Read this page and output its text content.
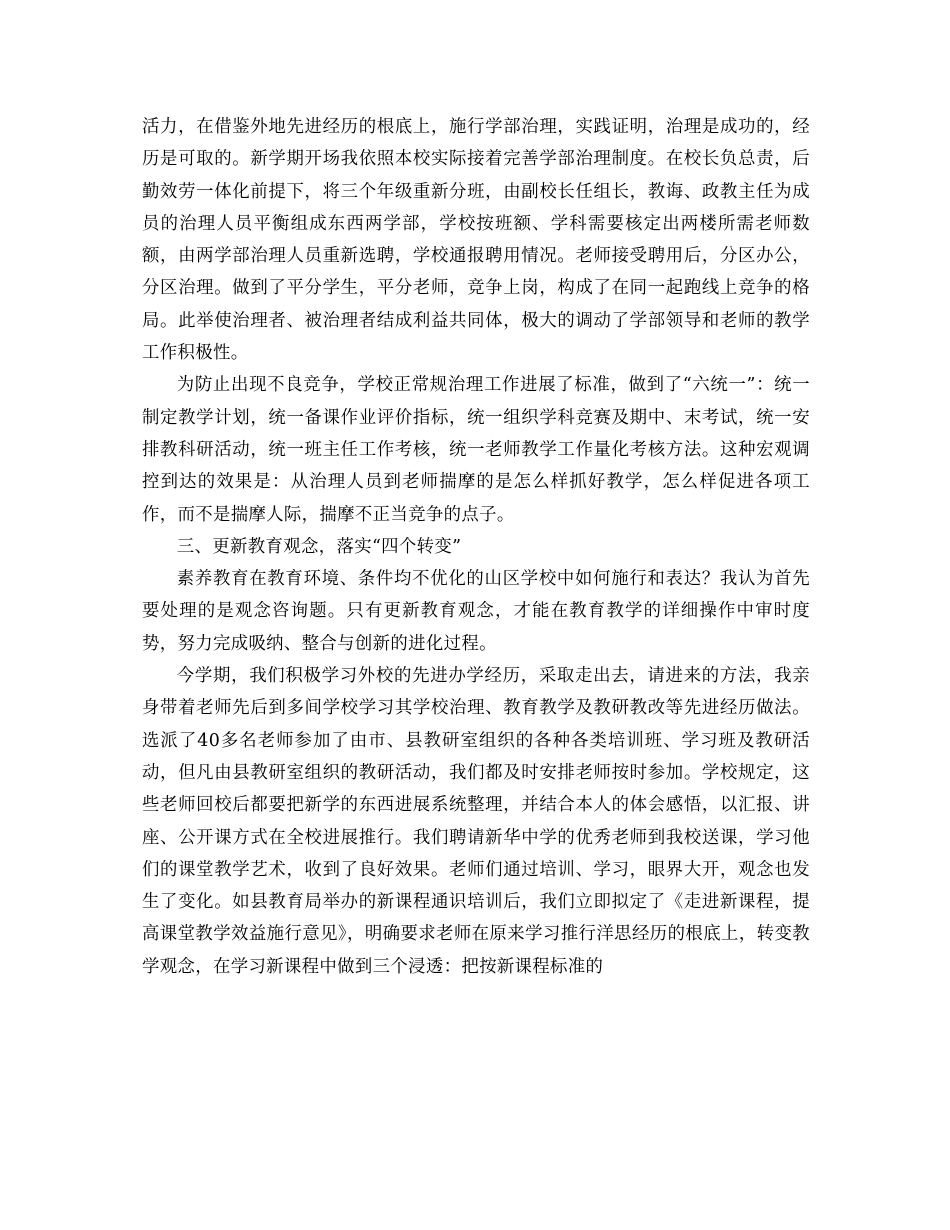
活力，在借鉴外地先进经历的根底上，施行学部治理，实践证明，治理是成功的，经历是可取的。新学期开场我依照本校实际接着完善学部治理制度。在校长负总责，后勤效劳一体化前提下，将三个年级重新分班，由副校长任组长，教诲、政教主任为成员的治理人员平衡组成东西两学部，学校按班额、学科需要核定出两楼所需老师数额，由两学部治理人员重新选聘，学校通报聘用情况。老师接受聘用后，分区办公，分区治理。做到了平分学生，平分老师，竞争上岗，构成了在同一起跑线上竞争的格局。此举使治理者、被治理者结成利益共同体，极大的调动了学部领导和老师的教学工作积极性。

为防止出现不良竞争，学校正常规治理工作进展了标准，做到了“六统一”：统一制定教学计划，统一备课作业评价指标，统一组织学科竞赛及期中、末考试，统一安排教科研活动，统一班主任工作考核，统一老师教学工作量化考核方法。这种宏观调控到达的效果是：从治理人员到老师揣摩的是怎么样抓好教学，怎么样促进各项工作，而不是揣摩人际，揣摩不正当竞争的点子。

三、更新教育观念，落实“四个转变”

素养教育在教育环境、条件均不优化的山区学校中如何施行和表达？我认为首先要处理的是观念咨询题。只有更新教育观念，才能在教育教学的详细操作中审时度势，努力完成吸纳、整合与创新的进化过程。

今学期，我们积极学习外校的先进办学经历，采取走出去，请进来的方法，我亲身带着老师先后到多间学校学习其学校治理、教育教学及教研教改等先进经历做法。选派了40多名老师参加了由市、县教研室组织的各种各类培训班、学习班及教研活动，但凡由县教研室组织的教研活动，我们都及时安排老师按时参加。学校规定，这些老师回校后都要把新学的东西进展系统整理，并结合本人的体会感悟，以汇报、讲座、公开课方式在全校进展推行。我们聘请新华中学的优秀老师到我校送课，学习他们的课堂教学艺术，收到了良好效果。老师们通过培训、学习，眼界大开，观念也发生了变化。如县教育局举办的新课程通识培训后，我们立即拟定了《走进新课程，提高课堂教学效益施行意见》，明确要求老师在原来学习推行洋思经历的根底上，转变教学观念，在学习新课程中做到三个浸透：把按新课程标准的
